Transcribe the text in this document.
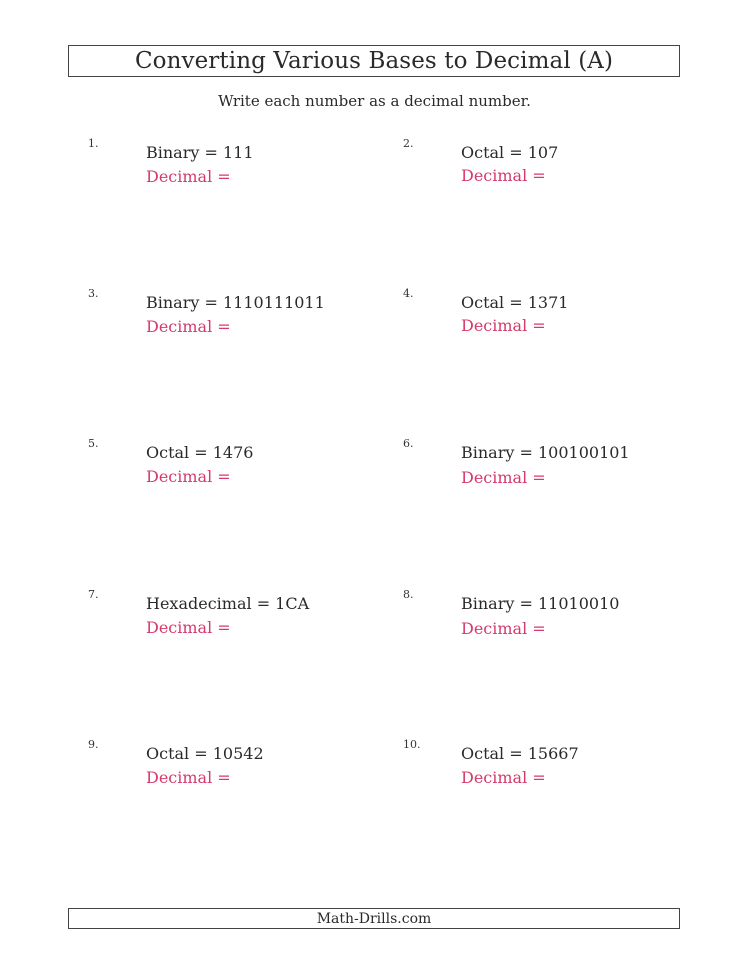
Converting Various Bases to Decimal (A)
Write each number as a decimal number.
1.	Binary = 111
Decimal =
2.	Octal = 107
Decimal =
3.	Binary = 1110111011
Decimal =
4.	Octal = 1371
Decimal =
5.	Octal = 1476
Decimal =
6.	Binary = 100100101
Decimal =
7.	Hexadecimal = 1CA
Decimal =
8.	Binary = 11010010
Decimal =
9.	Octal = 10542
Decimal =
10.	Octal = 15667
Decimal =
Math-Drills.com
